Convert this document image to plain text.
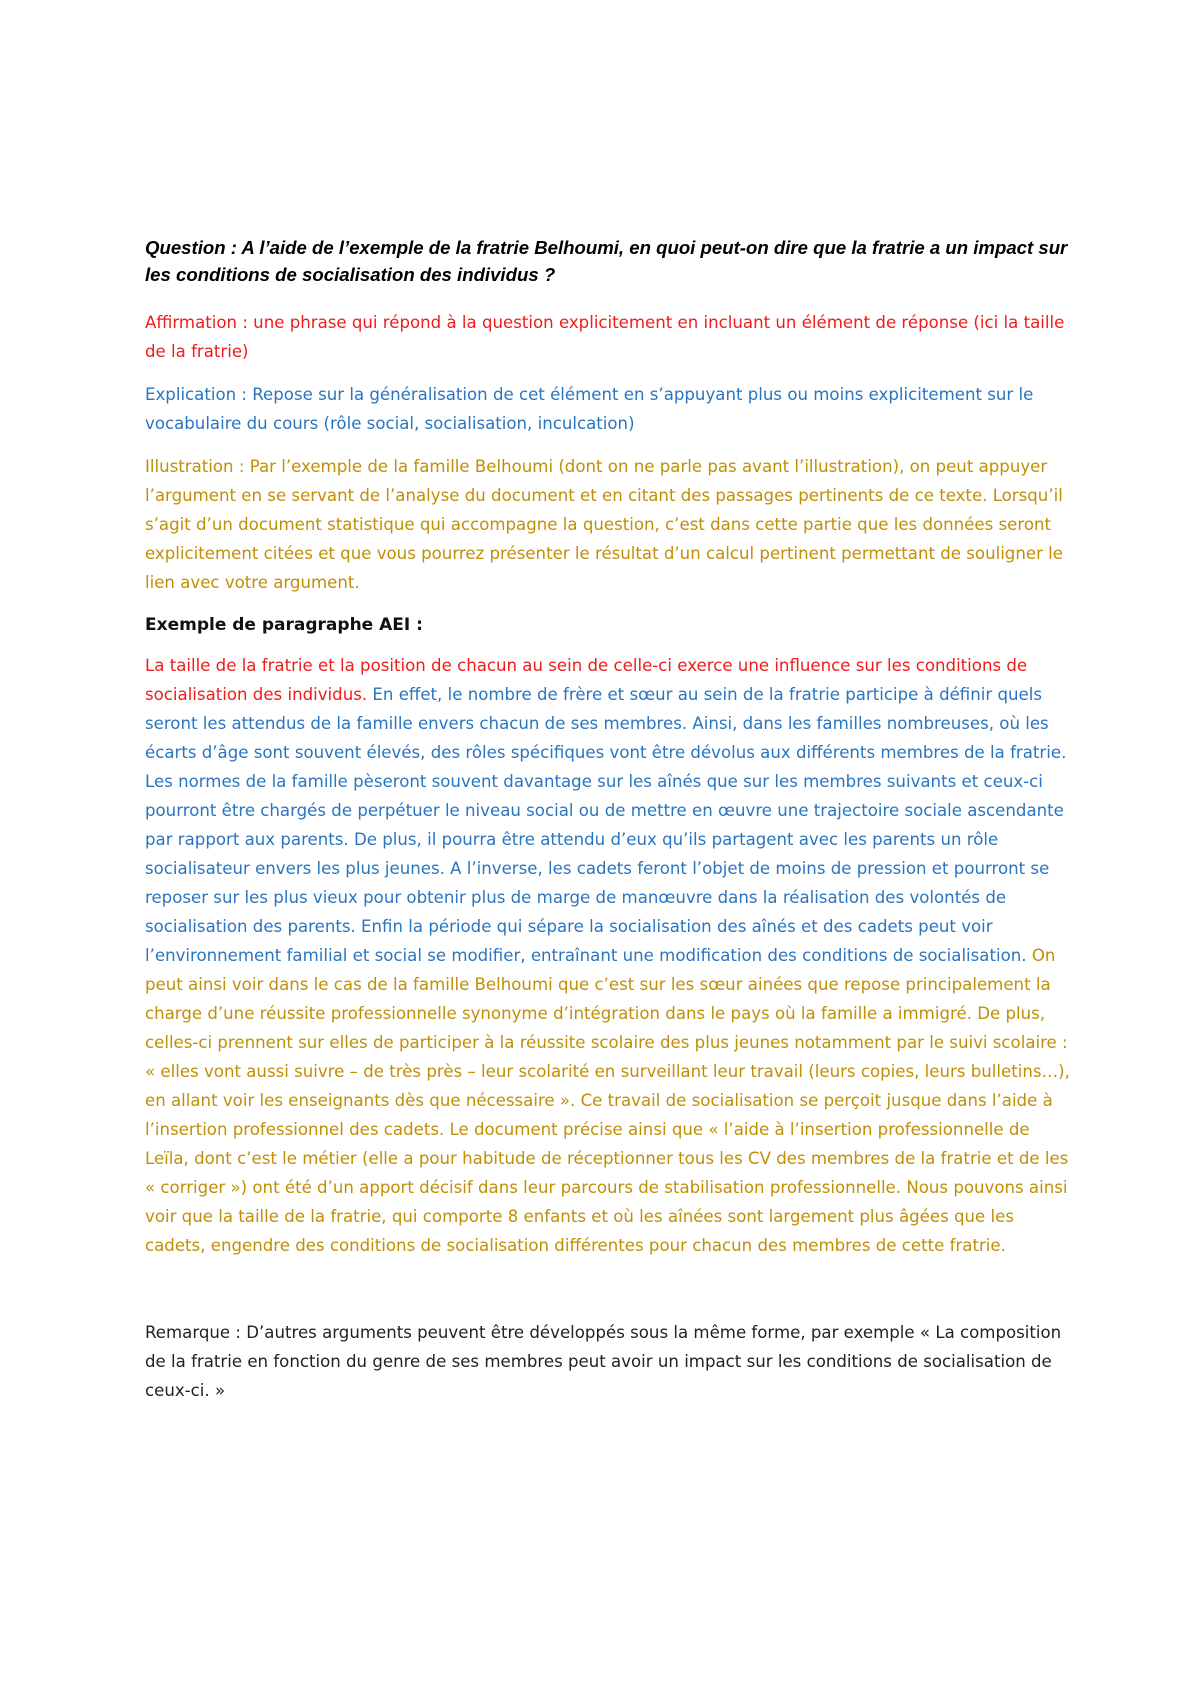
Question : A l’aide de l’exemple de la fratrie Belhoumi, en quoi peut-on dire que la fratrie a un impact sur les conditions de socialisation des individus ?

Affirmation : une phrase qui répond à la question explicitement en incluant un élément de réponse (ici la taille de la fratrie)

Explication : Repose sur la généralisation de cet élément en s’appuyant plus ou moins explicitement sur le vocabulaire du cours (rôle social, socialisation, inculcation)

Illustration : Par l’exemple de la famille Belhoumi (dont on ne parle pas avant l’illustration), on peut appuyer l’argument en se servant de l’analyse du document et en citant des passages pertinents de ce texte. Lorsqu’il s’agit d’un document statistique qui accompagne la question, c’est dans cette partie que les données seront explicitement citées et que vous pourrez présenter le résultat d’un calcul pertinent permettant de souligner le lien avec votre argument.

Exemple de paragraphe AEI :

La taille de la fratrie et la position de chacun au sein de celle-ci exerce une influence sur les conditions de socialisation des individus. En effet, le nombre de frère et sœur au sein de la fratrie participe à définir quels seront les attendus de la famille envers chacun de ses membres. Ainsi, dans les familles nombreuses, où les écarts d’âge sont souvent élevés, des rôles spécifiques vont être dévolus aux différents membres de la fratrie. Les normes de la famille pèseront souvent davantage sur les aînés que sur les membres suivants et ceux-ci pourront être chargés de perpétuer le niveau social ou de mettre en œuvre une trajectoire sociale ascendante par rapport aux parents. De plus, il pourra être attendu d’eux qu’ils partagent avec les parents un rôle socialisateur envers les plus jeunes. A l’inverse, les cadets feront l’objet de moins de pression et pourront se reposer sur les plus vieux pour obtenir plus de marge de manœuvre dans la réalisation des volontés de socialisation des parents. Enfin la période qui sépare la socialisation des aînés et des cadets peut voir l’environnement familial et social se modifier, entraînant une modification des conditions de socialisation. On peut ainsi voir dans le cas de la famille Belhoumi que c’est sur les sœur ainées que repose principalement la charge d’une réussite professionnelle synonyme d’intégration dans le pays où la famille a immigré. De plus, celles-ci prennent sur elles de participer à la réussite scolaire des plus jeunes notamment par le suivi scolaire : « elles vont aussi suivre – de très près – leur scolarité en surveillant leur travail (leurs copies, leurs bulletins…), en allant voir les enseignants dès que nécessaire ». Ce travail de socialisation se perçoit jusque dans l’aide à l’insertion professionnel des cadets. Le document précise ainsi que « l’aide à l’insertion professionnelle de Leïla, dont c’est le métier (elle a pour habitude de réceptionner tous les CV des membres de la fratrie et de les « corriger ») ont été d’un apport décisif dans leur parcours de stabilisation professionnelle. Nous pouvons ainsi voir que la taille de la fratrie, qui comporte 8 enfants et où les aînées sont largement plus âgées que les cadets, engendre des conditions de socialisation différentes pour chacun des membres de cette fratrie.

Remarque : D’autres arguments peuvent être développés sous la même forme, par exemple « La composition de la fratrie en fonction du genre de ses membres peut avoir un impact sur les conditions de socialisation de ceux-ci. »
